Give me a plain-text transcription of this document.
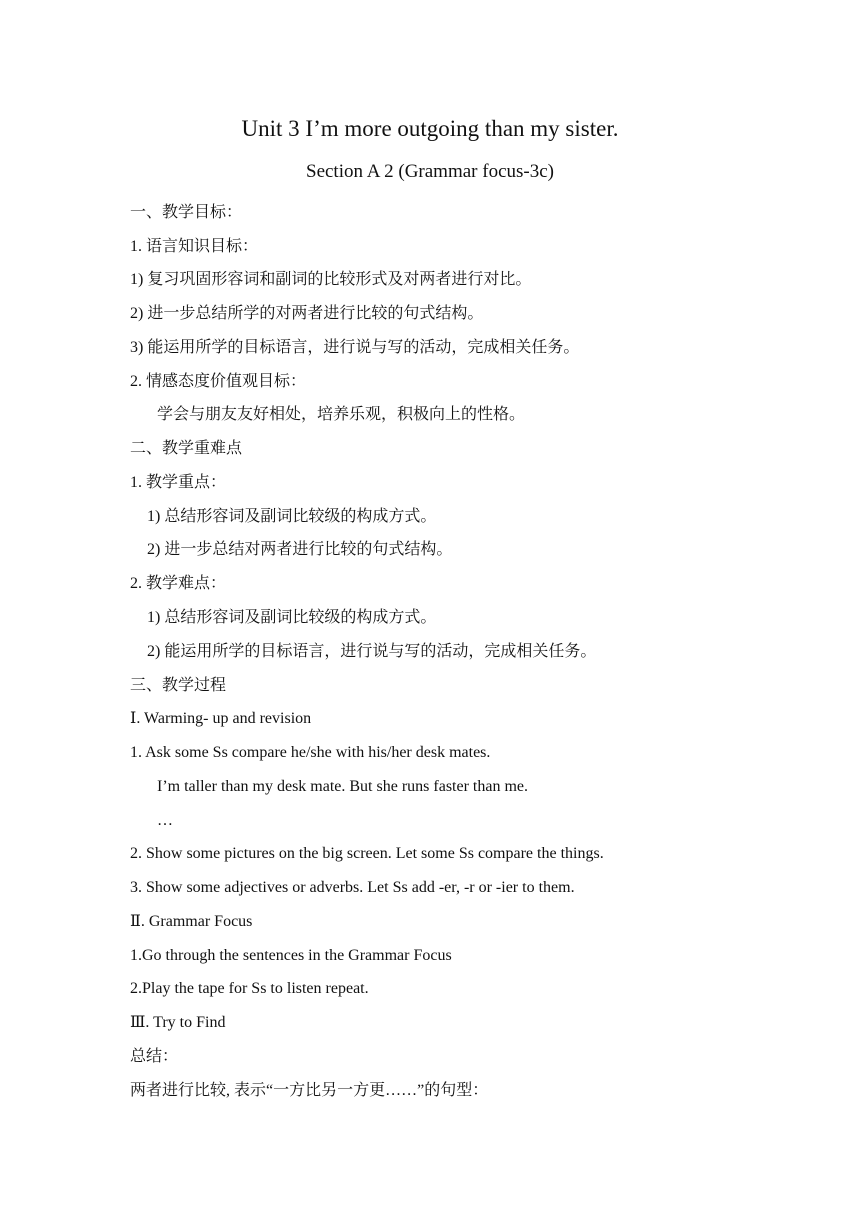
Unit 3 I’m more outgoing than my sister.
Section A 2 (Grammar focus-3c)
一、教学目标：
1. 语言知识目标：
1) 复习巩固形容词和副词的比较形式及对两者进行对比。
2) 进一步总结所学的对两者进行比较的句式结构。
3) 能运用所学的目标语言，进行说与写的活动，完成相关任务。
2. 情感态度价值观目标：
学会与朋友友好相处，培养乐观，积极向上的性格。
二、教学重难点
1. 教学重点：
1) 总结形容词及副词比较级的构成方式。
2) 进一步总结对两者进行比较的句式结构。
2. 教学难点：
1) 总结形容词及副词比较级的构成方式。
2) 能运用所学的目标语言，进行说与写的活动，完成相关任务。
三、教学过程
Ⅰ. Warming- up and revision
1. Ask some Ss compare he/she with his/her desk mates.
I’m taller than my desk mate. But she runs faster than me.
…
2. Show some pictures on the big screen. Let some Ss compare the things.
3. Show some adjectives or adverbs. Let Ss add -er, -r or -ier to them.
Ⅱ. Grammar Focus
1.Go through the sentences in the Grammar Focus
2.Play the tape for Ss to listen repeat.
Ⅲ. Try to Find
总结：
两者进行比较, 表示“一方比另一方更……”的句型：
